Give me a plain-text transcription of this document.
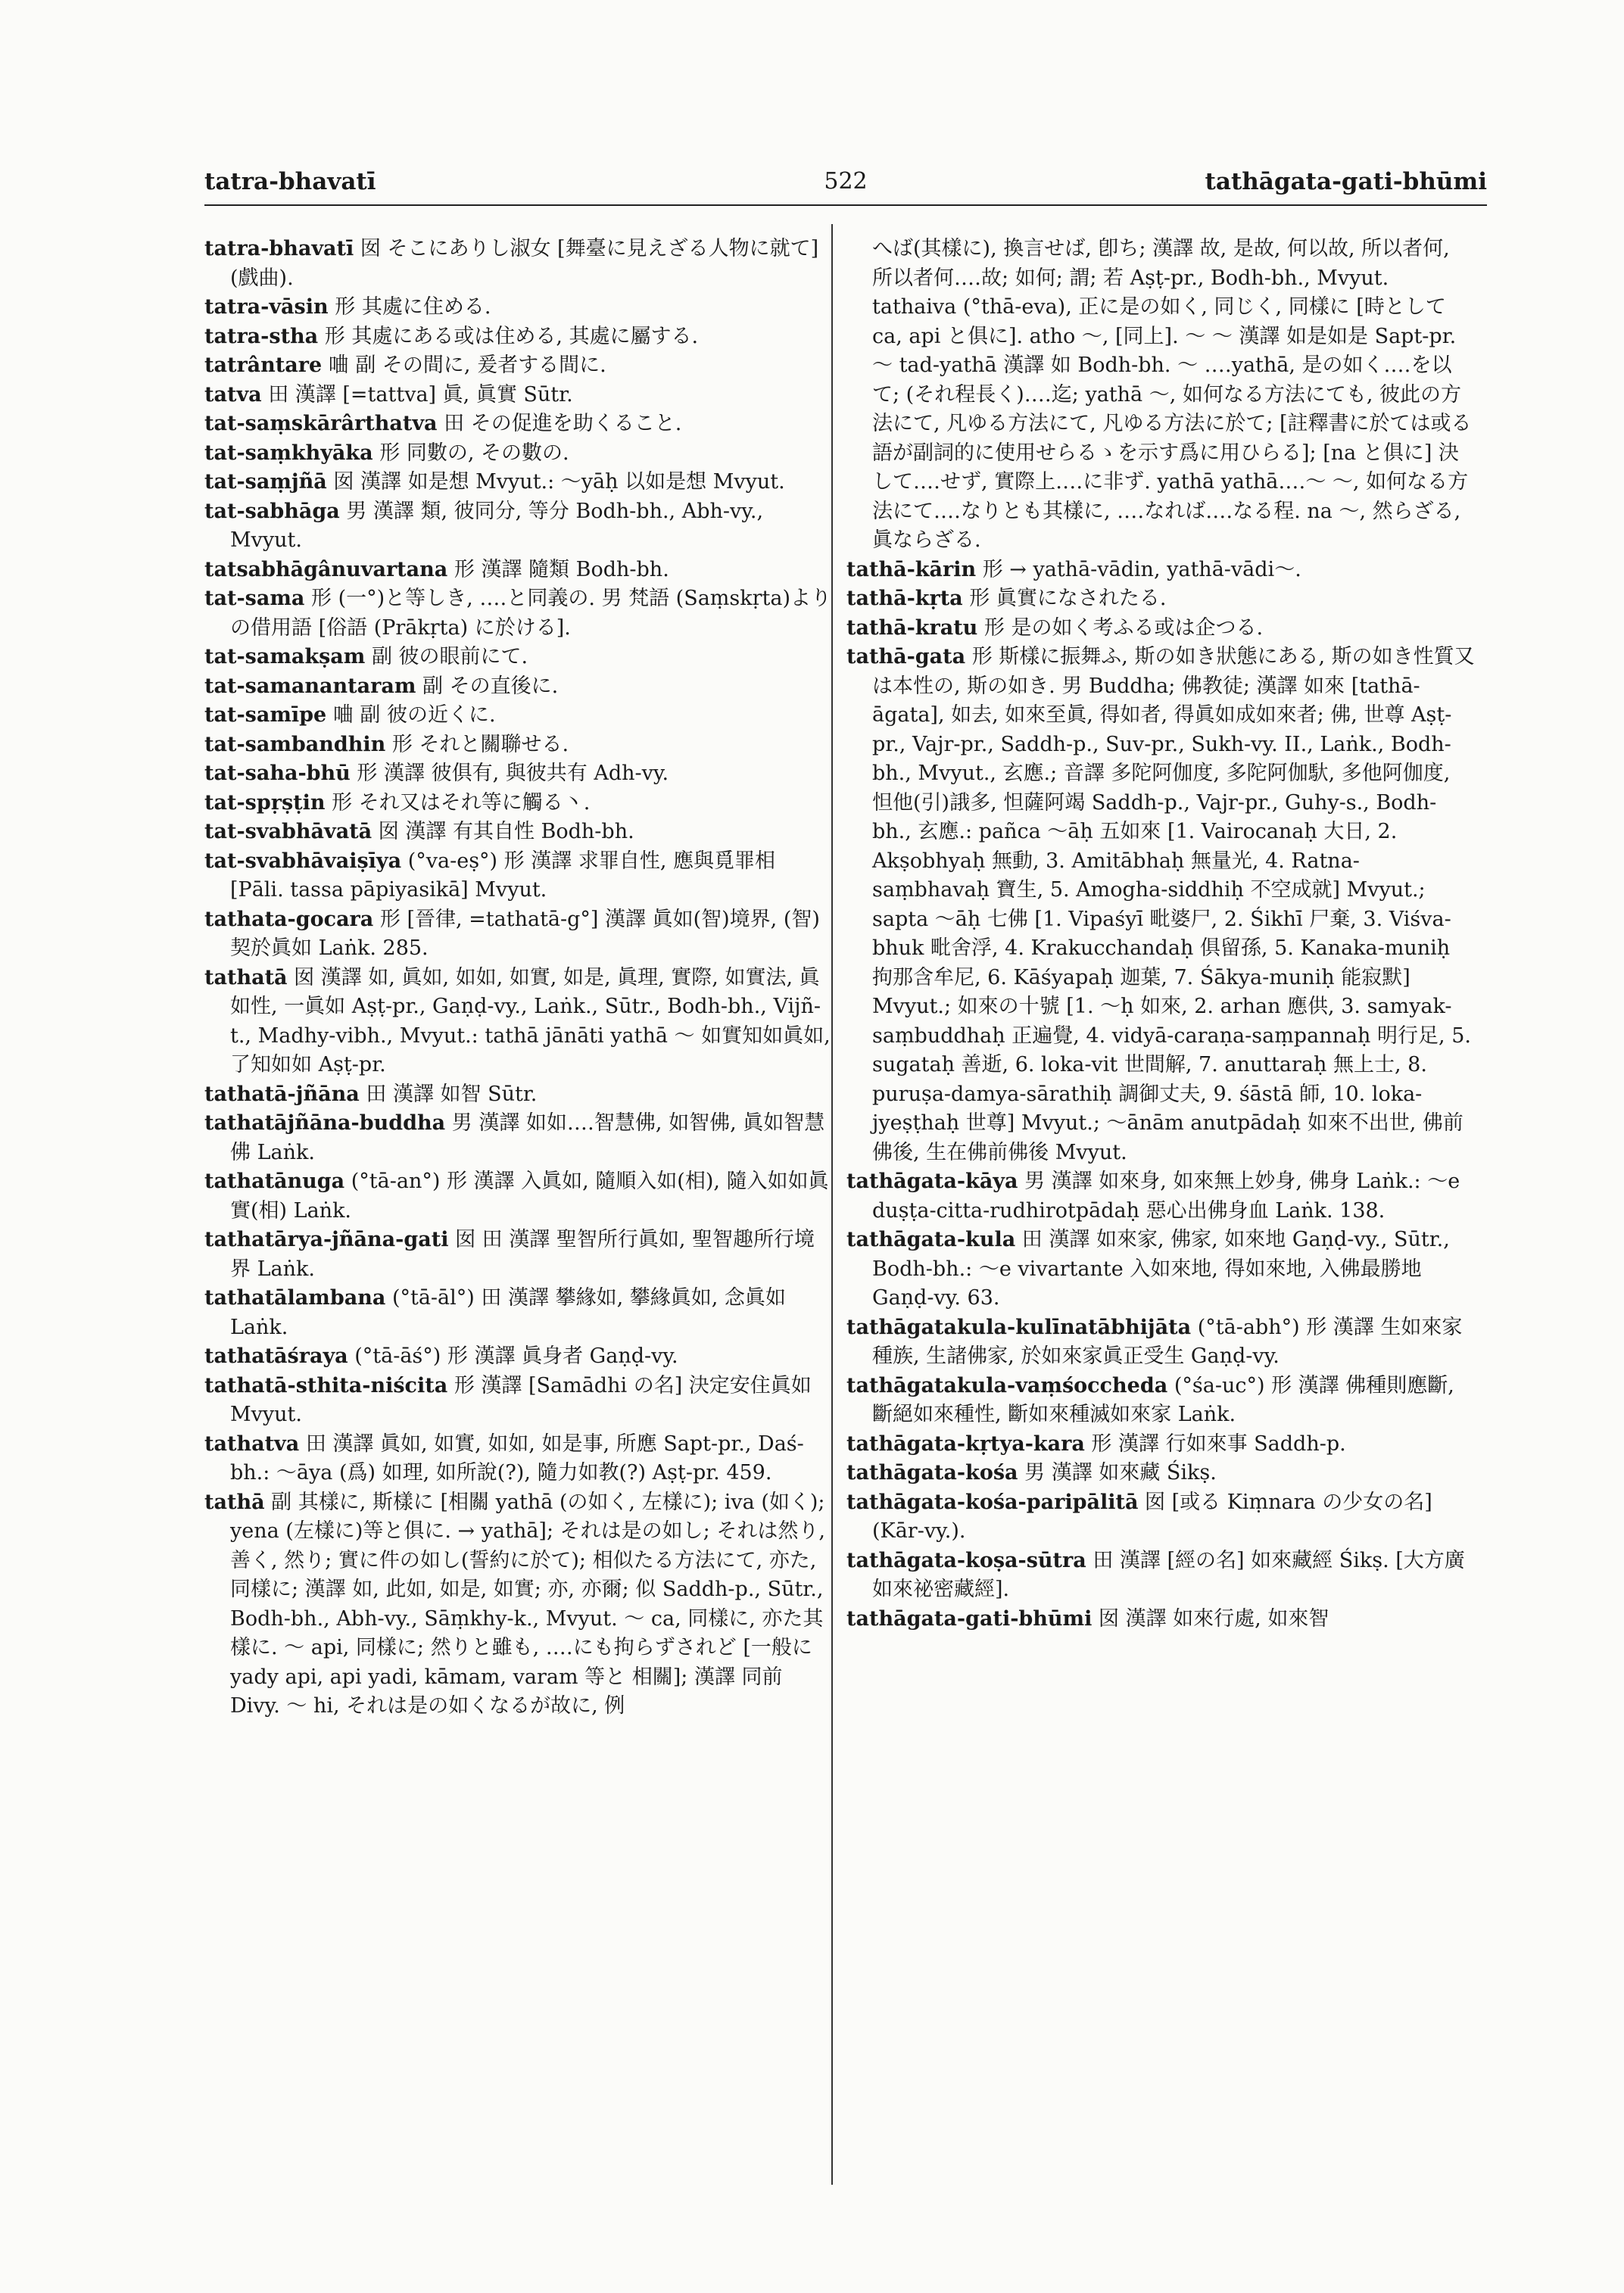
522
tatra-bhavatī	tathāgata-gati-bhūmi

tatra-bhavatī 囡 そこにありし淑女 [舞臺に見えざる人物に就て] (戲曲).

tatra-vāsin 形 其處に住める.

tatra-stha 形 其處にある或は住める, 其處に屬する.

tatrântare 㖆 副 その間に, 爰者する間に.

tatva 田 漢譯 [=tattva] 眞, 眞實 Sūtr.

tat-saṃskārârthatva 田 その促進を助くること.

tat-saṃkhyāka 形 同數の, その數の.

tat-saṃjñā 囡 漢譯 如是想 Mvyut.: 〜yāḥ 以如是想 Mvyut.

tat-sabhāga 男 漢譯 類, 彼同分, 等分 Bodh-bh., Abh-vy., Mvyut.

tatsabhāgânuvartana 形 漢譯 隨類 Bodh-bh.

tat-sama 形 (一°)と等しき, ‥‥と同義の. 男 梵語 (Saṃskṛta)よりの借用語 [俗語 (Prākṛta) に於ける].

tat-samakṣam 副 彼の眼前にて.

tat-samanantaram 副 その直後に.

tat-samīpe 㖆 副 彼の近くに.

tat-sambandhin 形 それと關聯せる.

tat-saha-bhū 形 漢譯 彼俱有, 與彼共有 Adh-vy.

tat-spṛṣṭin 形 それ又はそれ等に觸る丶.

tat-svabhāvatā 囡 漢譯 有其自性 Bodh-bh.

tat-svabhāvaiṣīya (°va-eṣ°) 形 漢譯 求罪自性, 應與覓罪相 [Pāli. tassa pāpiyasikā] Mvyut.

tathata-gocara 形 [晉律, =tathatā-g°] 漢譯 眞如(智)境界, (智)契於眞如 Laṅk. 285.

tathatā 囡 漢譯 如, 眞如, 如如, 如實, 如是, 眞理, 實際, 如實法, 眞如性, 一眞如 Aṣṭ-pr., Gaṇḍ-vy., Laṅk., Sūtr., Bodh-bh., Vijñ-t., Madhy-vibh., Mvyut.: tathā jānāti yathā 〜 如實知如眞如, 了知如如 Aṣṭ-pr.

tathatā-jñāna 田 漢譯 如智 Sūtr.

tathatājñāna-buddha 男 漢譯 如如‥‥智慧佛, 如智佛, 眞如智慧佛 Laṅk.

tathatānuga (°tā-an°) 形 漢譯 入眞如, 隨順入如(相), 隨入如如眞實(相) Laṅk.

tathatārya-jñāna-gati 囡 田 漢譯 聖智所行眞如, 聖智趣所行境界 Laṅk.

tathatālambana (°tā-āl°) 田 漢譯 攀緣如, 攀緣眞如, 念眞如 Laṅk.

tathatāśraya (°tā-āś°) 形 漢譯 眞身者 Gaṇḍ-vy.

tathatā-sthita-niścita 形 漢譯 [Samādhi の名] 決定安住眞如 Mvyut.

tathatva 田 漢譯 眞如, 如實, 如如, 如是事, 所應 Sapt-pr., Daś-bh.: 〜āya (爲) 如理, 如所說(?), 隨力如教(?) Aṣṭ-pr. 459.

tathā 副 其樣に, 斯樣に [相關 yathā (の如く, 左樣に); iva (如く); yena (左樣に)等と俱に. → yathā]; それは是の如し; それは然り, 善く, 然り; 實に件の如し(誓約に於て); 相似たる方法にて, 亦た, 同樣に; 漢譯 如, 此如, 如是, 如實; 亦, 亦爾; 似 Saddh-p., Sūtr., Bodh-bh., Abh-vy., Sāṃkhy-k., Mvyut. 〜 ca, 同樣に, 亦た其樣に. 〜 api, 同樣に; 然りと雖も, ‥‥にも拘らずされど [一般に yady api, api yadi, kāmam, varam 等と 相關]; 漢譯 同前 Divy. 〜 hi, それは是の如くなるが故に, 例

へば(其樣に), 換言せば, 卽ち; 漢譯 故, 是故, 何以故, 所以者何, 所以者何‥‥故; 如何; 謂; 若 Aṣṭ-pr., Bodh-bh., Mvyut. tathaiva (°thā-eva), 正に是の如く, 同じく, 同樣に [時として ca, api と俱に]. atho 〜, [同上]. 〜 〜 漢譯 如是如是 Sapt-pr. 〜 tad-yathā 漢譯 如 Bodh-bh. 〜 ‥‥yathā, 是の如く‥‥を以て; (それ程長く)‥‥迄; yathā 〜, 如何なる方法にても, 彼此の方法にて, 凡ゆる方法にて, 凡ゆる方法に於て; [註釋書に於ては或る語が副詞的に使用せらるゝを示す爲に用ひらる]; [na と俱に] 決して‥‥せず, 實際上‥‥に非ず. yathā yathā‥‥〜 〜, 如何なる方法にて‥‥なりとも其樣に, ‥‥なれば‥‥なる程. na 〜, 然らざる, 眞ならざる.

tathā-kārin 形 → yathā-vādin, yathā-vādi〜.

tathā-kṛta 形 眞實になされたる.

tathā-kratu 形 是の如く考ふる或は企つる.

tathā-gata 形 斯樣に振舞ふ, 斯の如き狀態にある, 斯の如き性質又は本性の, 斯の如き. 男 Buddha; 佛教徒; 漢譯 如來 [tathā-āgata], 如去, 如來至眞, 得如者, 得眞如成如來者; 佛, 世尊 Aṣṭ-pr., Vajr-pr., Saddh-p., Suv-pr., Sukh-vy. II., Laṅk., Bodh-bh., Mvyut., 玄應.; 音譯 多陀阿伽度, 多陀阿伽馱, 多他阿伽度, 怛他(引)誐多, 怛薩阿竭 Saddh-p., Vajr-pr., Guhy-s., Bodh-bh., 玄應.: pañca 〜āḥ 五如來 [1. Vairocanaḥ 大日, 2. Akṣobhyaḥ 無動, 3. Amitābhaḥ 無量光, 4. Ratna-saṃbhavaḥ 寶生, 5. Amogha-siddhiḥ 不空成就] Mvyut.; sapta 〜āḥ 七佛 [1. Vipaśyī 毗婆尸, 2. Śikhī 尸棄, 3. Viśva-bhuk 毗舍浮, 4. Krakucchandaḥ 俱留孫, 5. Kanaka-muniḥ 拘那含牟尼, 6. Kāśyapaḥ 迦葉, 7. Śākya-muniḥ 能寂默] Mvyut.; 如來の十號 [1. 〜ḥ 如來, 2. arhan 應供, 3. samyak-saṃbuddhaḥ 正遍覺, 4. vidyā-caraṇa-saṃpannaḥ 明行足, 5. sugataḥ 善逝, 6. loka-vit 世間解, 7. anuttaraḥ 無上士, 8. puruṣa-damya-sārathiḥ 調御丈夫, 9. śāstā 師, 10. loka-jyeṣṭhaḥ 世尊] Mvyut.; 〜ānām anutpādaḥ 如來不出世, 佛前佛後, 生在佛前佛後 Mvyut.

tathāgata-kāya 男 漢譯 如來身, 如來無上妙身, 佛身 Laṅk.: 〜e duṣṭa-citta-rudhirotpādaḥ 惡心出佛身血 Laṅk. 138.

tathāgata-kula 田 漢譯 如來家, 佛家, 如來地 Gaṇḍ-vy., Sūtr., Bodh-bh.: 〜e vivartante 入如來地, 得如來地, 入佛最勝地 Gaṇḍ-vy. 63.

tathāgatakula-kulīnatābhijāta (°tā-abh°) 形 漢譯 生如來家種族, 生諸佛家, 於如來家眞正受生 Gaṇḍ-vy.

tathāgatakula-vaṃśoccheda (°śa-uc°) 形 漢譯 佛種則應斷, 斷絕如來種性, 斷如來種滅如來家 Laṅk.

tathāgata-kṛtya-kara 形 漢譯 行如來事 Saddh-p.

tathāgata-kośa 男 漢譯 如來藏 Śikṣ.

tathāgata-kośa-paripālitā 囡 [或る Kiṃnara の少女の名] (Kār-vy.).

tathāgata-koṣa-sūtra 田 漢譯 [經の名] 如來藏經 Śikṣ. [大方廣如來祕密藏經].

tathāgata-gati-bhūmi 囡 漢譯 如來行處, 如來智
